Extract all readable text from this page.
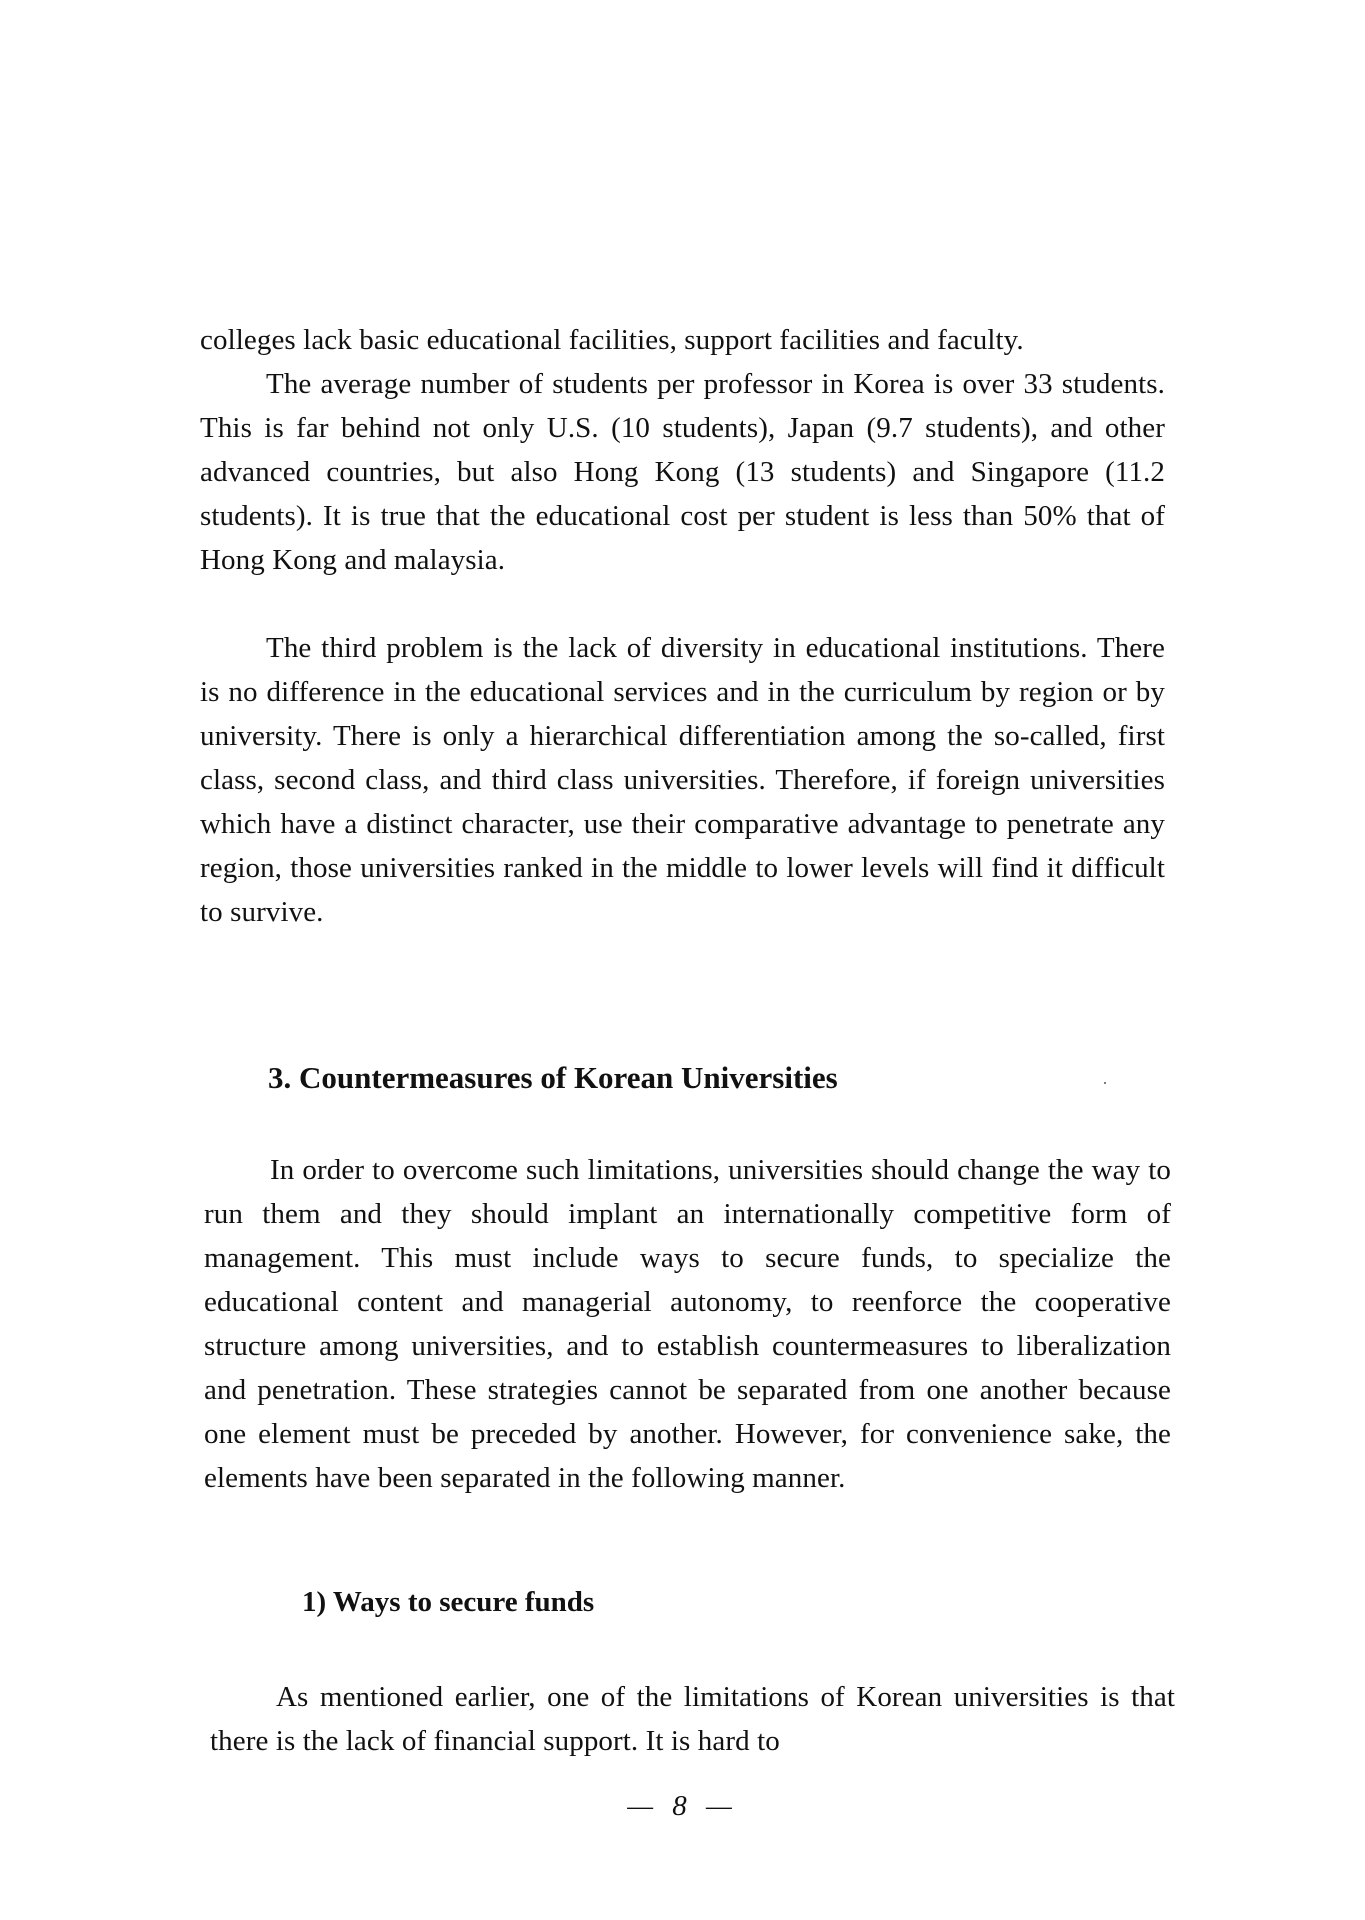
colleges lack basic educational facilities, support facilities and faculty.

The average number of students per professor in Korea is over 33 students. This is far behind not only U.S. (10 students), Japan (9.7 students), and other advanced countries, but also Hong Kong (13 students) and Singapore (11.2 students). It is true that the educational cost per student is less than 50% that of Hong Kong and malaysia.

The third problem is the lack of diversity in educational institutions. There is no difference in the educational services and in the curriculum by region or by university. There is only a hierarchical differentiation among the so-called, first class, second class, and third class universities. Therefore, if foreign universities which have a distinct character, use their comparative advantage to penetrate any region, those universities ranked in the middle to lower levels will find it difficult to survive.

3. Countermeasures of Korean Universities

In order to overcome such limitations, universities should change the way to run them and they should implant an internationally competitive form of management. This must include ways to secure funds, to specialize the educational content and managerial autonomy, to reenforce the cooperative structure among universities, and to establish countermeasures to liberalization and penetration. These strategies cannot be separated from one another because one element must be preceded by another. However, for convenience sake, the elements have been separated in the following manner.

1) Ways to secure funds

As mentioned earlier, one of the limitations of Korean universities is that there is the lack of financial support. It is hard to

— 8 —
